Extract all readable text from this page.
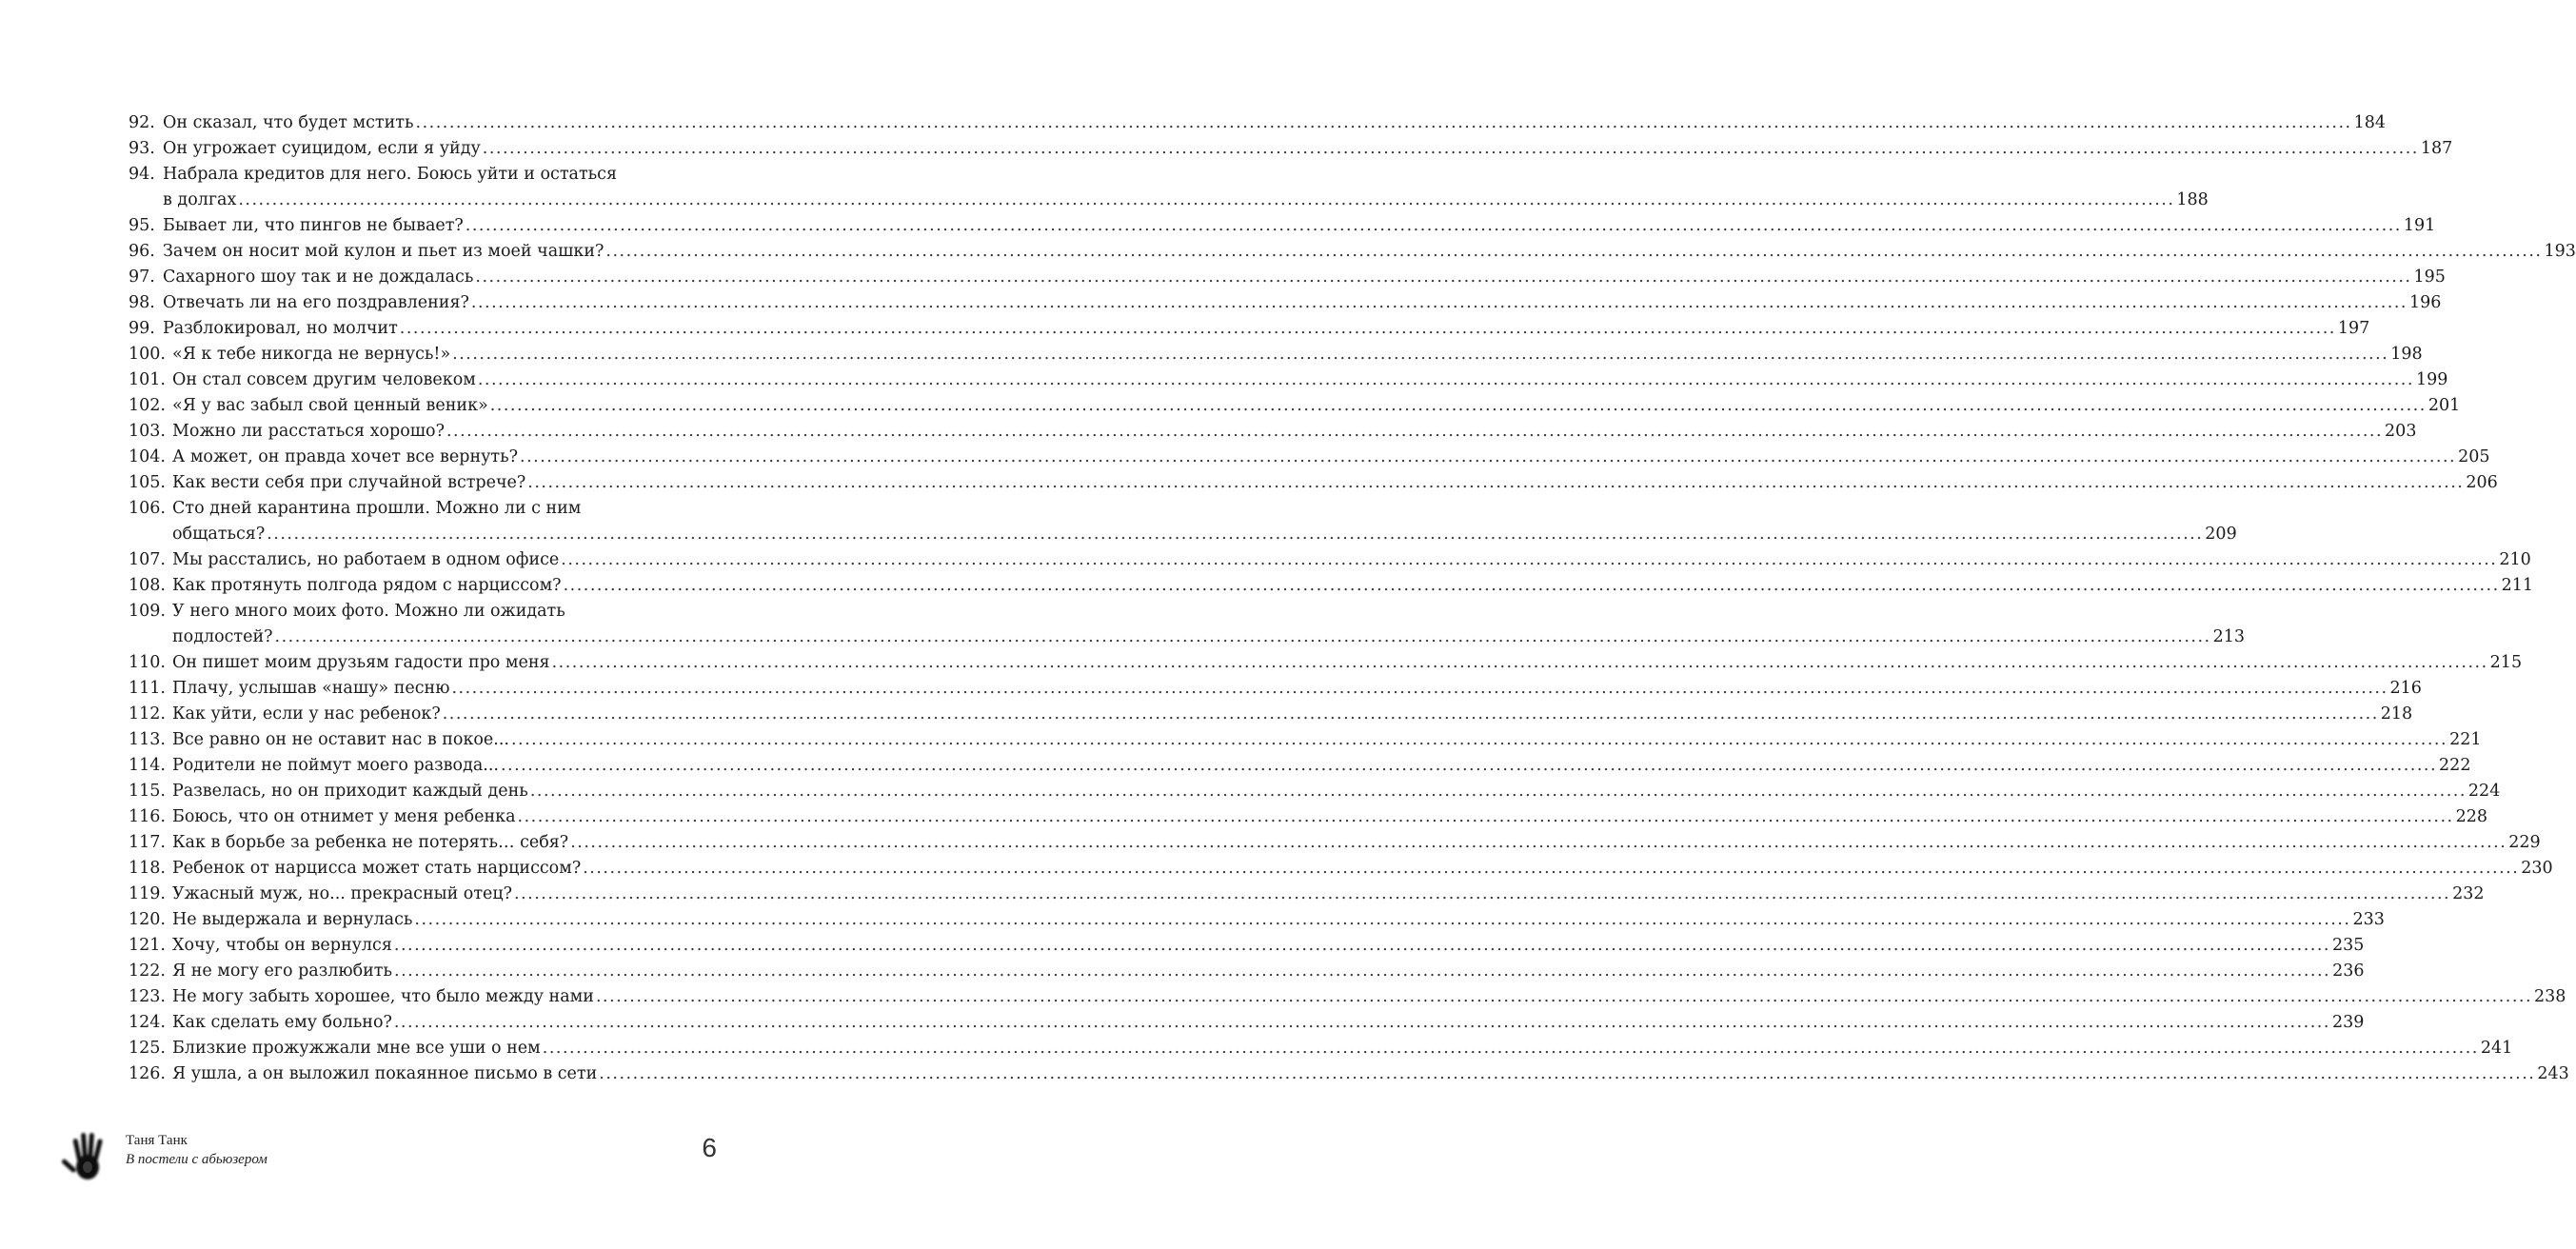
92. Он сказал, что будет мстить .....	184
93. Он угрожает суицидом, если я уйду .....	187
94. Набрала кредитов для него. Боюсь уйти и остаться
в долгах .....	188
95. Бывает ли, что пингов не бывает? .....	191
96. Зачем он носит мой кулон и пьет из моей чашки? .....	193
97. Сахарного шоу так и не дождалась .....	195
98. Отвечать ли на его поздравления? .....	196
99. Разблокировал, но молчит .....	197
100. «Я к тебе никогда не вернусь!» .....	198
101. Он стал совсем другим человеком .....	199
102. «Я у вас забыл свой ценный веник» .....	201
103. Можно ли расстаться хорошо? .....	203
104. А может, он правда хочет все вернуть? .....	205
105. Как вести себя при случайной встрече? .....	206
106. Сто дней карантина прошли. Можно ли с ним
общаться? .....	209
107. Мы расстались, но работаем в одном офисе .....	210
108. Как протянуть полгода рядом с нарциссом? .....	211
109. У него много моих фото. Можно ли ожидать
подлостей? .....	213
110. Он пишет моим друзьям гадости про меня .....	215
111. Плачу, услышав «нашу» песню .....	216
112. Как уйти, если у нас ребенок? .....	218
113. Все равно он не оставит нас в покое... .....	221
114. Родители не поймут моего развода... .....	222
115. Развелась, но он приходит каждый день .....	224
116. Боюсь, что он отнимет у меня ребенка .....	228
117. Как в борьбе за ребенка не потерять… себя? .....	229
118. Ребенок от нарцисса может стать нарциссом? .....	230
119. Ужасный муж, но... прекрасный отец? .....	232
120. Не выдержала и вернулась .....	233
121. Хочу, чтобы он вернулся .....	235
122. Я не могу его разлюбить .....	236
123. Не могу забыть хорошее, что было между нами .....	238
124. Как сделать ему больно? .....	239
125. Близкие прожужжали мне все уши о нем .....	241
126. Я ушла, а он выложил покаянное письмо в сети .....	243
Таня Танк
В постели с абьюзером	6
